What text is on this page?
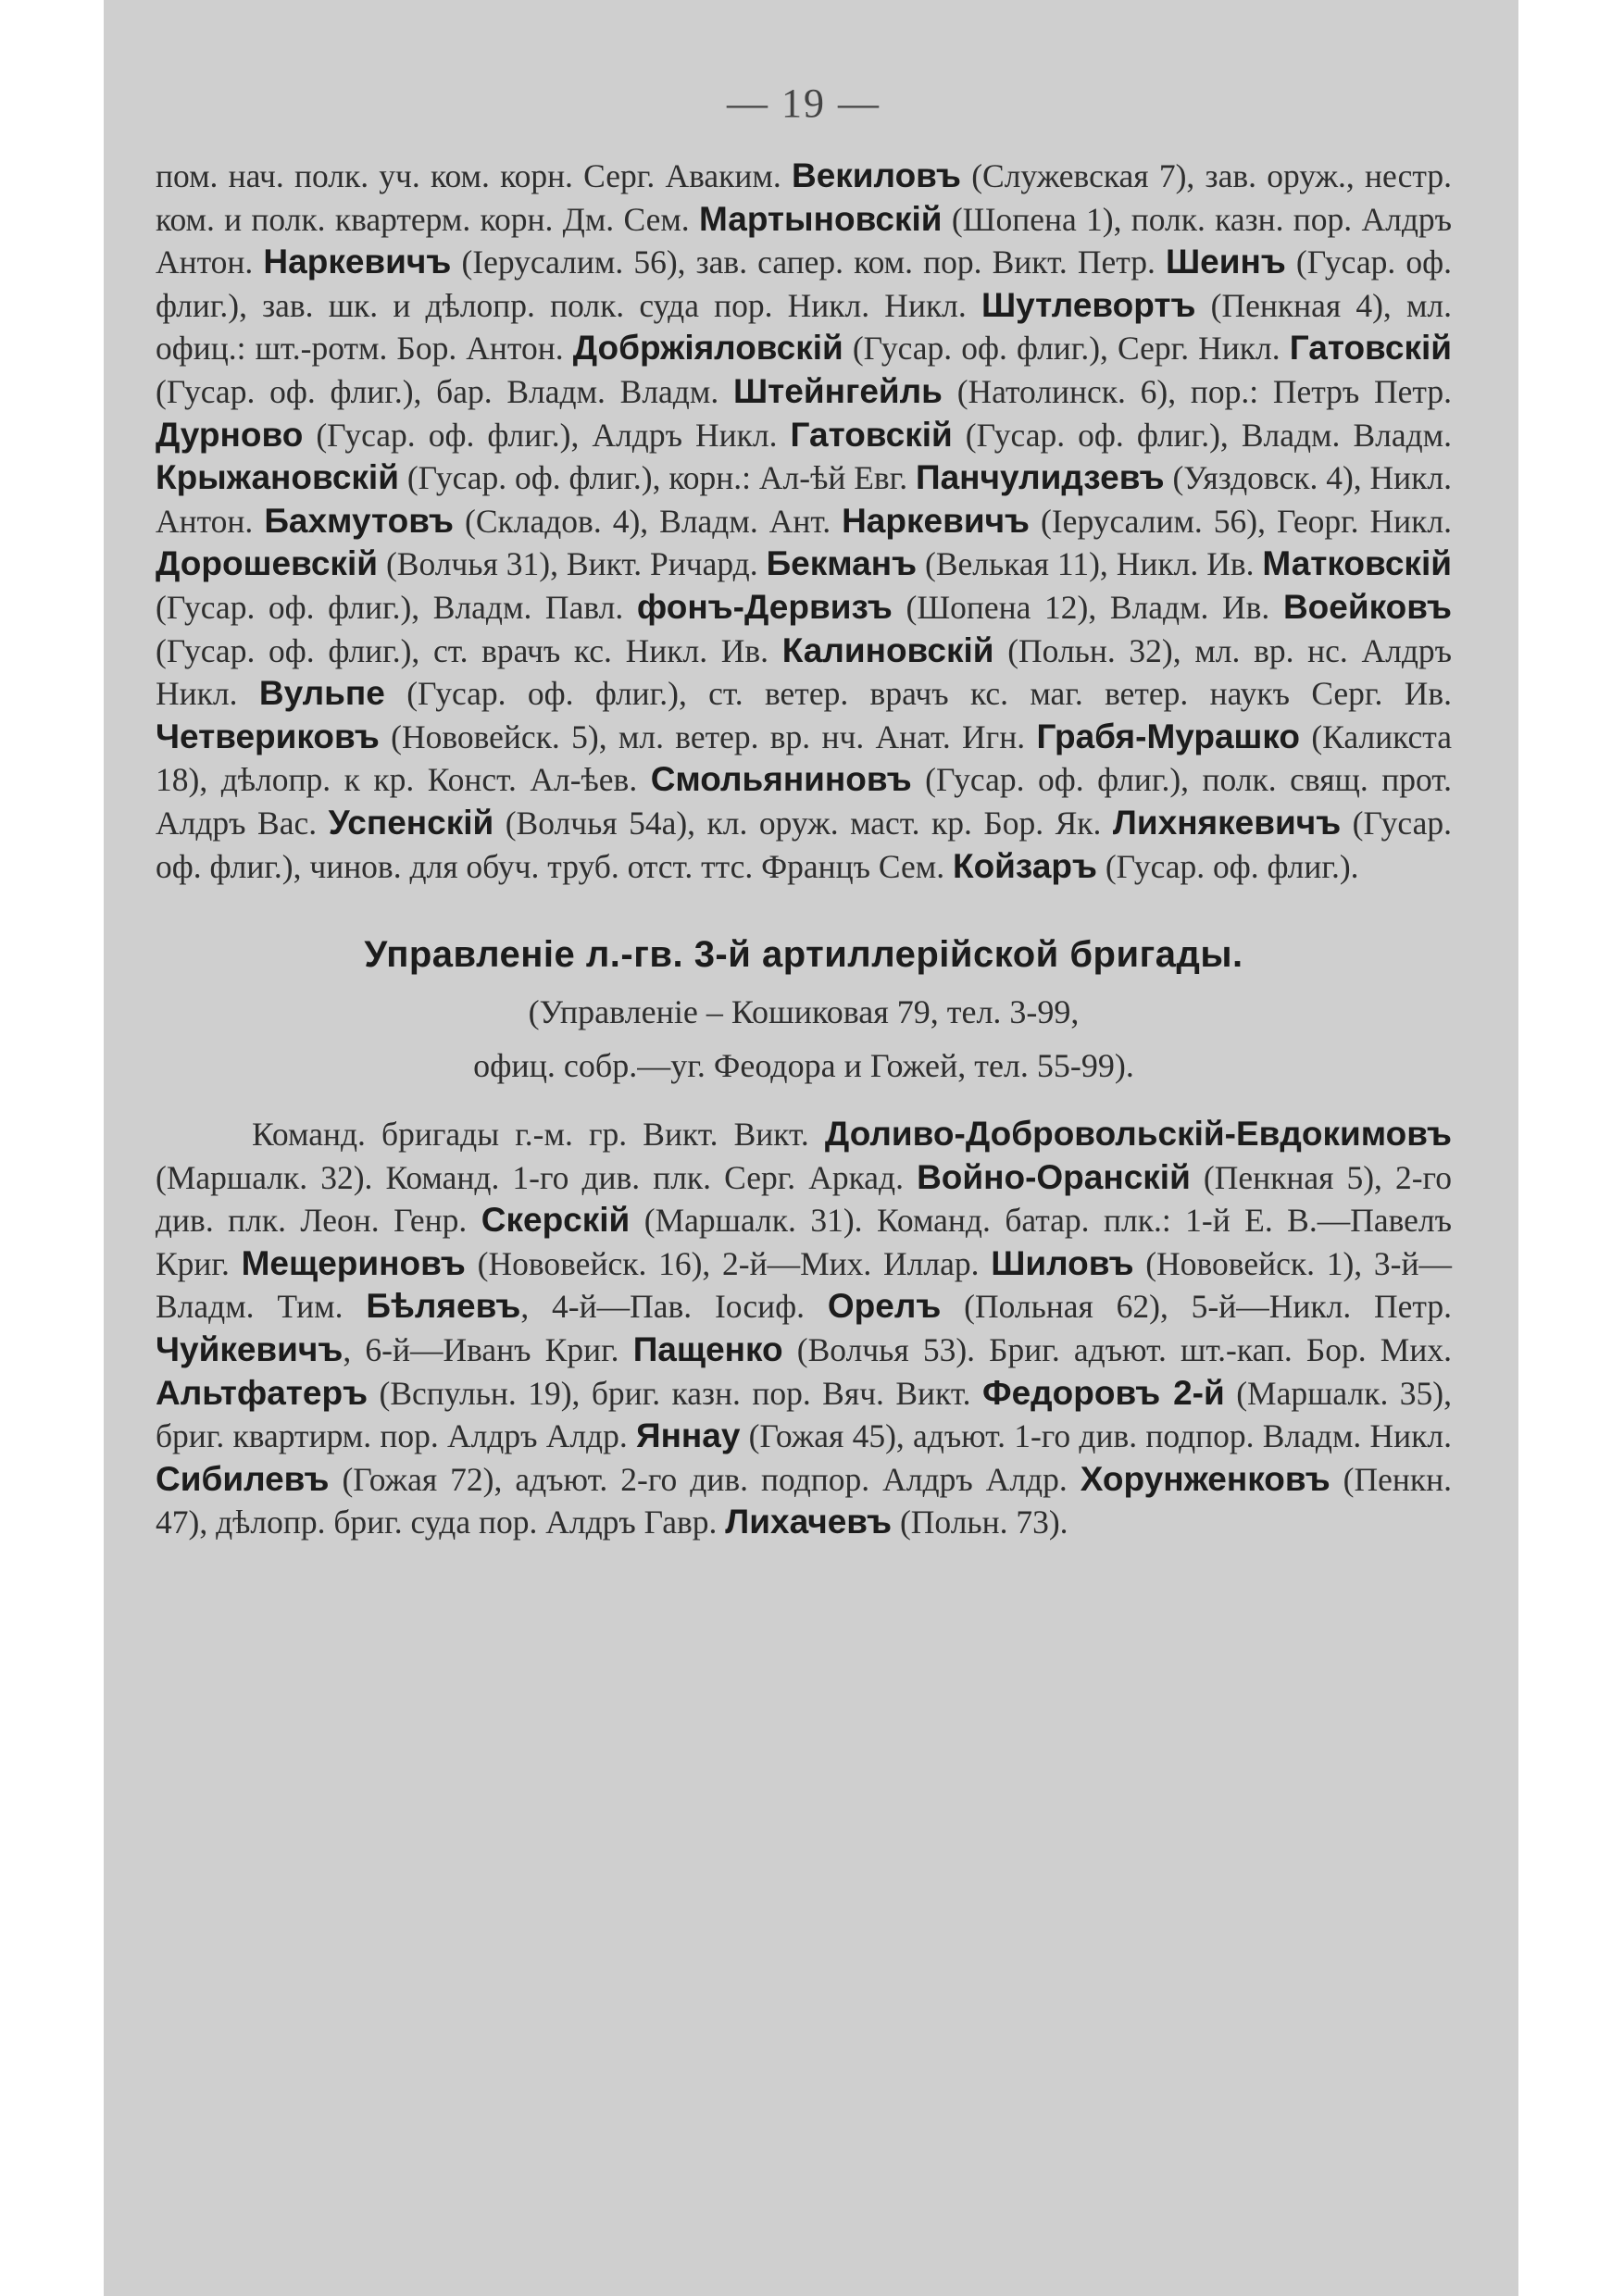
— 19 —

пом. нач. полк. уч. ком. корн. Серг. Аваким. Векиловъ (Служевская 7), зав. оруж., нестр. ком. и полк. квартерм. корн. Дм. Сем. Мартыновскій (Шопена 1), полк. казн. пор. Алдръ Антон. Наркевичъ (Іерусалим. 56), зав. сапер. ком. пор. Викт. Петр. Шеинъ (Гусар. оф. флиг.), зав. шк. и дѣлопр. полк. суда пор. Никл. Никл. Шутлевортъ (Пенкная 4), мл. офиц.: шт.-ротм. Бор. Антон. Добржіяловскій (Гусар. оф. флиг.), Серг. Никл. Гатовскій (Гусар. оф. флиг.), бар. Владм. Владм. Штейнгейль (Натолинск. 6), пор.: Петръ Петр. Дурново (Гусар. оф. флиг.), Алдръ Никл. Гатовскій (Гусар. оф. флиг.), Владм. Владм. Крыжановскій (Гусар. оф. флиг.), корн.: Ал-ѣй Евг. Панчулидзевъ (Уяздовск. 4), Никл. Антон. Бахмутовъ (Складов. 4), Владм. Ант. Наркевичъ (Іерусалим. 56), Георг. Никл. Дорошевскій (Волчья 31), Викт. Ричард. Бекманъ (Велькая 11), Никл. Ив. Матковскій (Гусар. оф. флиг.), Владм. Павл. фонъ-Дервизъ (Шопена 12), Владм. Ив. Воейковъ (Гусар. оф. флиг.), ст. врачъ кс. Никл. Ив. Калиновскій (Польн. 32), мл. вр. нс. Алдръ Никл. Вульпе (Гусар. оф. флиг.), ст. ветер. врачъ кс. маг. ветер. наукъ Серг. Ив. Четвериковъ (Нововейск. 5), мл. ветер. вр. нч. Анат. Игн. Грабя-Мурашко (Каликста 18), дѣлопр. к кр. Конст. Ал-ѣев. Смольяниновъ (Гусар. оф. флиг.), полк. свящ. прот. Алдръ Вас. Успенскій (Волчья 54а), кл. оруж. маст. кр. Бор. Як. Лихнякевичъ (Гусар. оф. флиг.), чинов. для обуч. труб. отст. ттс. Францъ Сем. Койзаръ (Гусар. оф. флиг.).

Управленіе л.-гв. 3-й артиллерійской бригады.
(Управленіе – Кошиковая 79, тел. 3-99,
офиц. собр.—уг. Феодора и Гожей, тел. 55-99).

Команд. бригады г.-м. гр. Викт. Викт. Доливо-Добровольскій-Евдокимовъ (Маршалк. 32). Команд. 1-го див. плк. Серг. Аркад. Войно-Оранскій (Пенкная 5), 2-го див. плк. Леон. Генр. Скерскій (Маршалк. 31). Команд. батар. плк.: 1-й Е. В.—Павелъ Криг. Мещериновъ (Нововейск. 16), 2-й—Мих. Иллар. Шиловъ (Нововейск. 1), 3-й—Владм. Тим. Бѣляевъ, 4-й—Пав. Іосиф. Орелъ (Польная 62), 5-й—Никл. Петр. Чуйкевичъ, 6-й—Иванъ Криг. Пащенко (Волчья 53). Бриг. адъют. шт.-кап. Бор. Мих. Альтфатеръ (Вспульн. 19), бриг. казн. пор. Вяч. Викт. Федоровъ 2-й (Маршалк. 35), бриг. квартирм. пор. Алдръ Алдр. Яннау (Гожая 45), адъют. 1-го див. подпор. Владм. Никл. Сибилевъ (Гожая 72), адъют. 2-го див. подпор. Алдръ Алдр. Хорунженковъ (Пенкн. 47), дѣлопр. бриг. суда пор. Алдръ Гавр. Лихачевъ (Польн. 73).
